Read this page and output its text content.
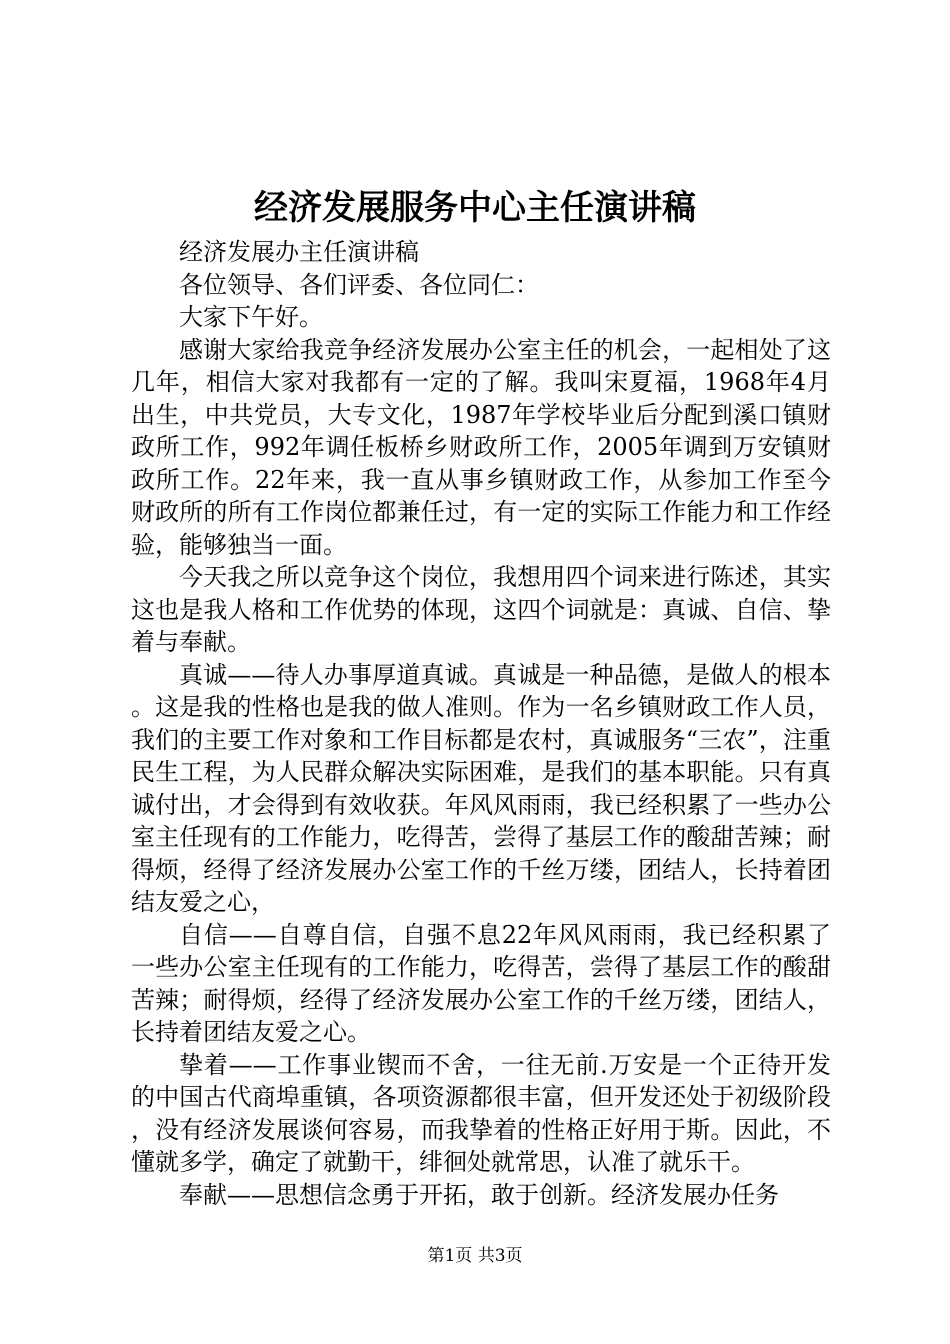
经济发展服务中心主任演讲稿

经济发展办主任演讲稿

各位领导、各们评委、各位同仁：

大家下午好。

感谢大家给我竞争经济发展办公室主任的机会，一起相处了这几年，相信大家对我都有一定的了解。我叫宋夏福，1968年4月出生，中共党员，大专文化，1987年学校毕业后分配到溪口镇财政所工作，992年调任板桥乡财政所工作，2005年调到万安镇财政所工作。22年来，我一直从事乡镇财政工作，从参加工作至今财政所的所有工作岗位都兼任过，有一定的实际工作能力和工作经验，能够独当一面。

今天我之所以竞争这个岗位，我想用四个词来进行陈述，其实这也是我人格和工作优势的体现，这四个词就是：真诚、自信、挚着与奉献。

真诚——待人办事厚道真诚。真诚是一种品德，是做人的根本。这是我的性格也是我的做人准则。作为一名乡镇财政工作人员，我们的主要工作对象和工作目标都是农村，真诚服务“三农”，注重民生工程，为人民群众解决实际困难，是我们的基本职能。只有真诚付出，才会得到有效收获。年风风雨雨，我已经积累了一些办公室主任现有的工作能力，吃得苦，尝得了基层工作的酸甜苦辣；耐得烦，经得了经济发展办公室工作的千丝万缕，团结人，长持着团结友爱之心，

自信——自尊自信，自强不息22年风风雨雨，我已经积累了一些办公室主任现有的工作能力，吃得苦，尝得了基层工作的酸甜苦辣；耐得烦，经得了经济发展办公室工作的千丝万缕，团结人，长持着团结友爱之心。

挚着——工作事业锲而不舍，一往无前.万安是一个正待开发的中国古代商埠重镇，各项资源都很丰富，但开发还处于初级阶段，没有经济发展谈何容易，而我挚着的性格正好用于斯。因此，不懂就多学，确定了就勤干，绯徊处就常思，认准了就乐干。

奉献——思想信念勇于开拓，敢于创新。经济发展办任务

第1页 共3页
